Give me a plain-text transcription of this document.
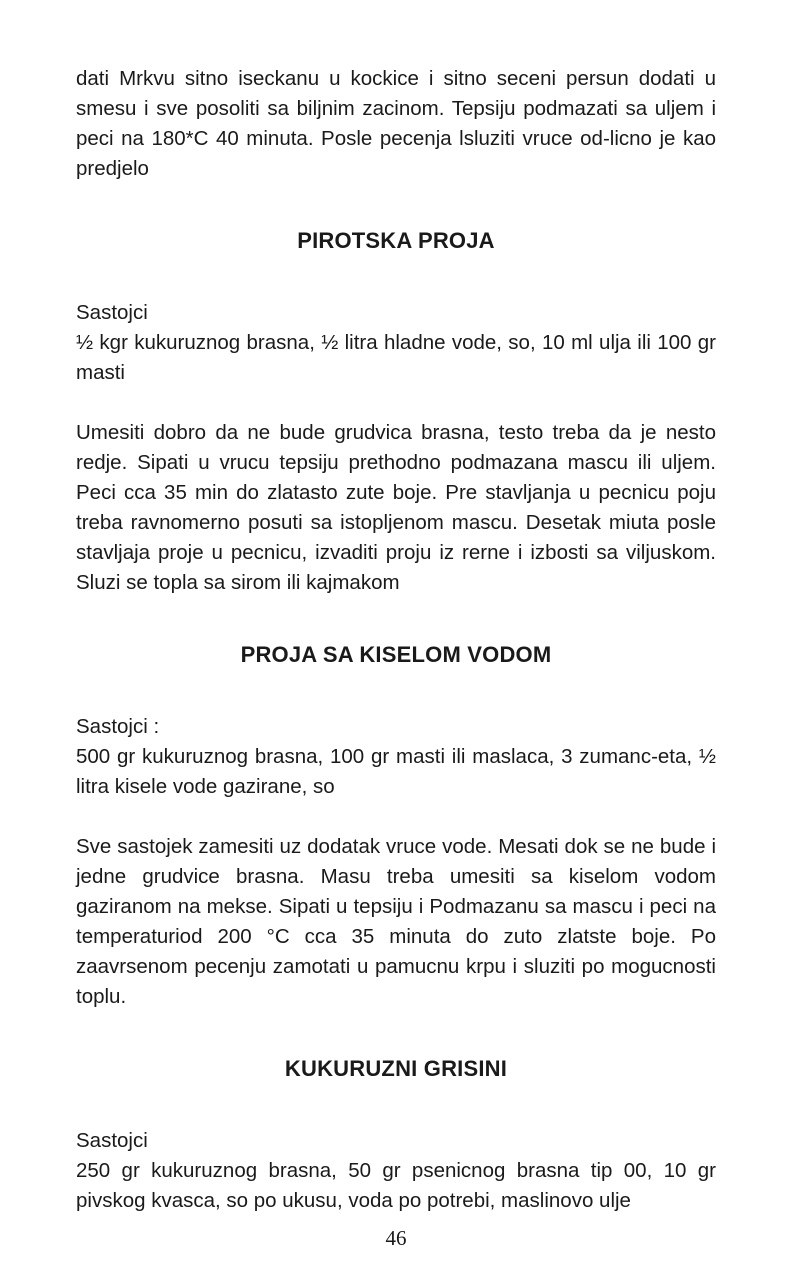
dati Mrkvu sitno iseckanu u kockice i sitno seceni persun dodati u smesu i sve posoliti sa biljnim zacinom. Tepsiju podmazati sa uljem i peci na 180*C 40 minuta. Posle pecenja lsluziti vruce od-licno je kao predjelo

PIROTSKA PROJA

Sastojci

½ kgr kukuruznog brasna, ½ litra hladne vode, so, 10 ml ulja ili 100 gr masti

Umesiti dobro da ne bude grudvica brasna, testo treba da je nesto redje. Sipati u vrucu tepsiju prethodno podmazana mascu ili uljem. Peci cca 35 min do zlatasto zute boje. Pre stavljanja u pecnicu poju treba ravnomerno posuti sa istopljenom mascu. Desetak miuta posle stavljaja proje u pecnicu, izvaditi proju iz rerne i izbosti sa viljuskom. Sluzi se topla sa sirom ili kajmakom

PROJA SA KISELOM VODOM

Sastojci :

500 gr kukuruznog brasna, 100 gr masti ili maslaca, 3 zumanc-eta, ½ litra kisele vode gazirane, so

Sve sastojek zamesiti uz dodatak vruce vode. Mesati dok se ne bude i jedne grudvice brasna. Masu treba umesiti sa kiselom vodom gaziranom na mekse. Sipati u tepsiju i Podmazanu sa mascu i peci na temperaturiod 200 °C cca 35 minuta do zuto zlatste boje. Po zaavrsenom pecenju zamotati u pamucnu krpu i sluziti po mogucnosti toplu.

KUKURUZNI GRISINI

Sastojci

250 gr kukuruznog brasna, 50 gr psenicnog brasna tip 00, 10 gr pivskog kvasca, so po ukusu, voda po potrebi, maslinovo ulje

46
